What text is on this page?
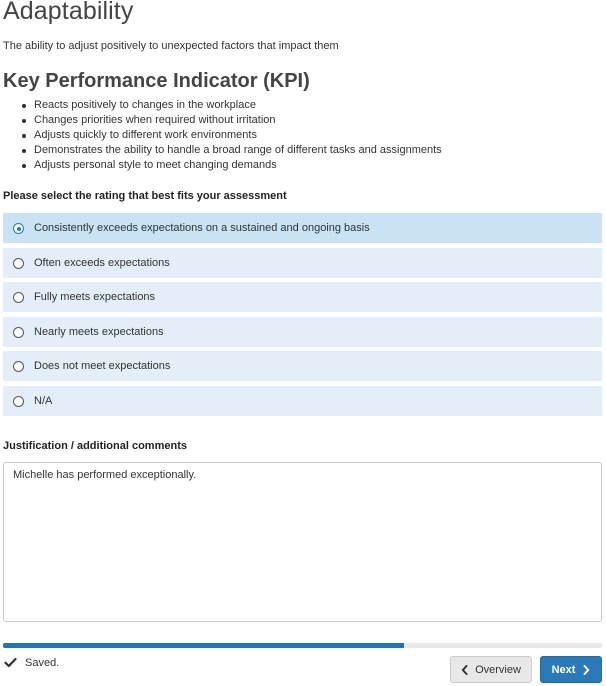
Adaptability

The ability to adjust positively to unexpected factors that impact them

Key Performance Indicator (KPI)
Reacts positively to changes in the workplace
Changes priorities when required without irritation
Adjusts quickly to different work environments
Demonstrates the ability to handle a broad range of different tasks and assignments
Adjusts personal style to meet changing demands

Please select the rating that best fits your assessment

Consistently exceeds expectations on a sustained and ongoing basis
Often exceeds expectations
Fully meets expectations
Nearly meets expectations
Does not meet expectations
N/A

Justification / additional comments

Michelle has performed exceptionally.
Saved.
Overview	Next
